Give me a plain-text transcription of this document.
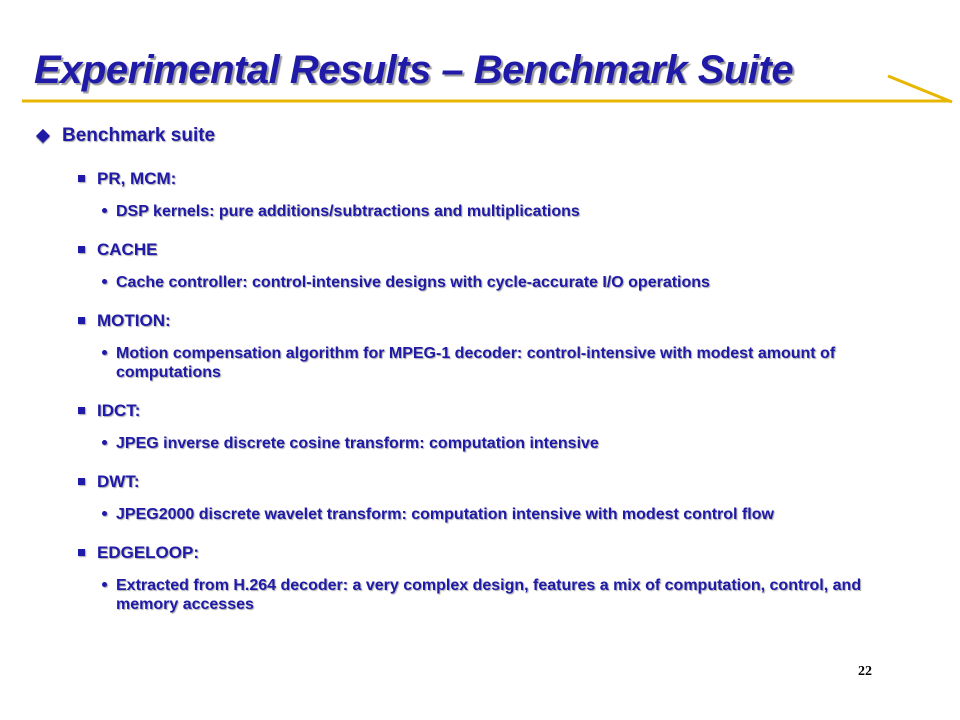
Experimental Results – Benchmark Suite
Benchmark suite
PR, MCM:
DSP kernels: pure additions/subtractions and multiplications
CACHE
Cache controller: control-intensive designs with cycle-accurate I/O operations
MOTION:
Motion compensation algorithm for MPEG-1 decoder: control-intensive with modest amount of computations
IDCT:
JPEG inverse discrete cosine transform: computation intensive
DWT:
JPEG2000 discrete wavelet transform: computation intensive with modest control flow
EDGELOOP:
Extracted from H.264 decoder: a very complex design, features a mix of computation, control, and memory accesses
22
